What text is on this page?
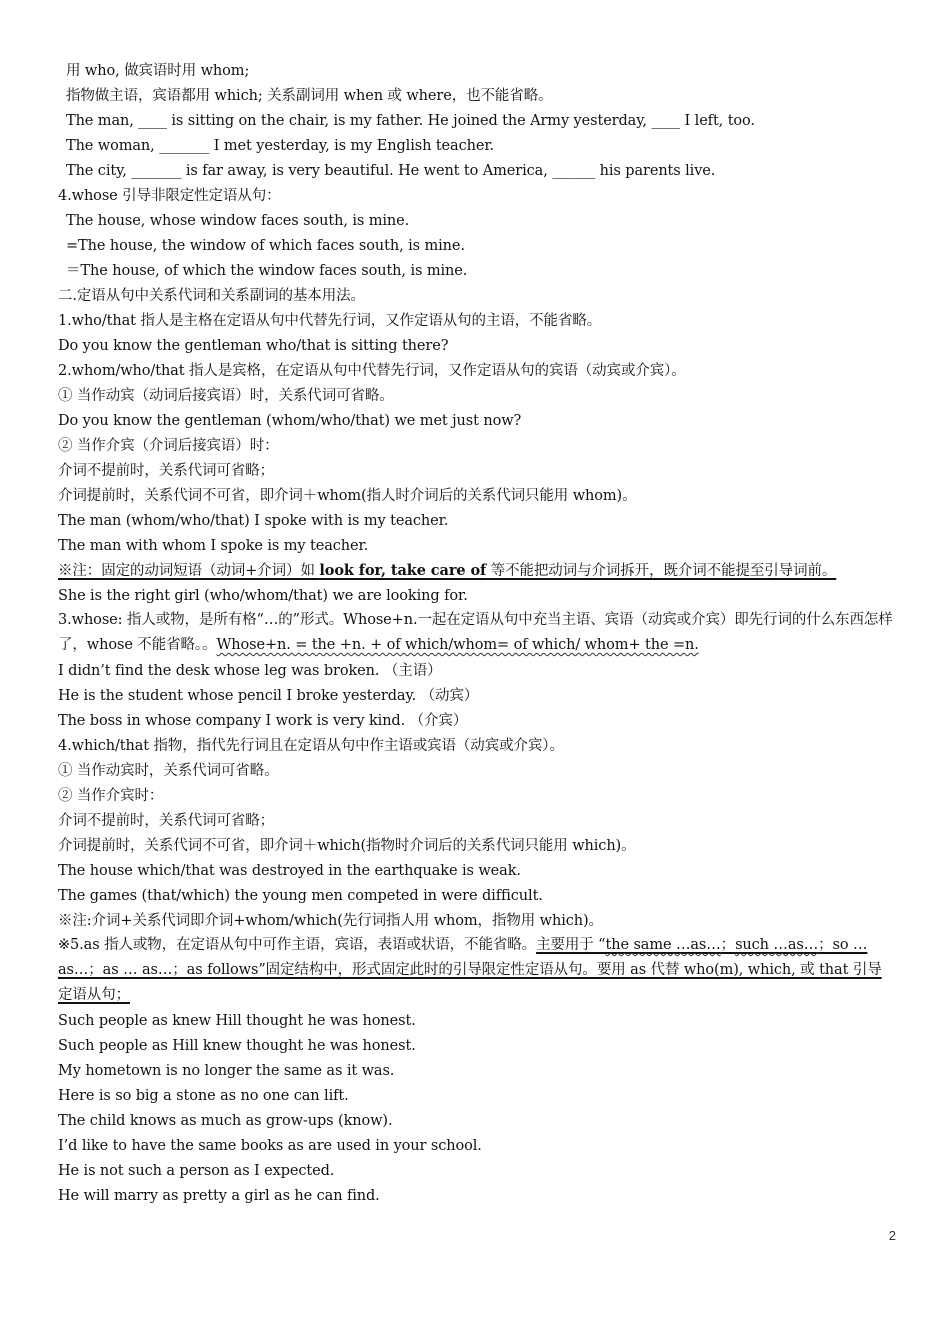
用 who, 做宾语时用 whom;
指物做主语，宾语都用 which; 关系副词用 when 或 where，也不能省略。
The man, ____ is sitting on the chair, is my father. He joined the Army yesterday, ____ I left, too.
The woman, _______ I met yesterday, is my English teacher.
The city, _______ is far away, is very beautiful. He went to America, ______ his parents live.
4.whose 引导非限定性定语从句：
The house, whose window faces south, is mine.
=The house, the window of which faces south, is mine.
＝The house, of which the window faces south, is mine.
二.定语从句中关系代词和关系副词的基本用法。
1.who/that 指人是主格在定语从句中代替先行词，又作定语从句的主语，不能省略。
Do you know the gentleman who/that is sitting there?
2.whom/who/that 指人是宾格，在定语从句中代替先行词，又作定语从句的宾语（动宾或介宾）。
① 当作动宾（动词后接宾语）时，关系代词可省略。
Do you know the gentleman (whom/who/that) we met just now?
② 当作介宾（介词后接宾语）时：
介词不提前时，关系代词可省略；
介词提前时，关系代词不可省，即介词＋whom(指人时介词后的关系代词只能用 whom)。
The man (whom/who/that) I spoke with is my teacher.
The man with whom I spoke is my teacher.
※注：固定的动词短语（动词+介词）如 look for, take care of 等不能把动词与介词拆开，既介词不能提至引导词前。
She is the right girl (who/whom/that) we are looking for.
3.whose: 指人或物，是所有格“…的”形式。Whose+n.一起在定语从句中充当主语、宾语（动宾或介宾）即先行词的什么东西怎样了，whose 不能省略。。Whose+n. = the +n. + of which/whom= of which/ whom+ the =n.
I didn’t find the desk whose leg was broken. （主语）
He is the student whose pencil I broke yesterday. （动宾）
The boss in whose company I work is very kind. （介宾）
4.which/that 指物，指代先行词且在定语从句中作主语或宾语（动宾或介宾）。
① 当作动宾时，关系代词可省略。
② 当作介宾时：
介词不提前时，关系代词可省略；
介词提前时，关系代词不可省，即介词＋which(指物时介词后的关系代词只能用 which)。
The house which/that was destroyed in the earthquake is weak.
The games (that/which) the young men competed in were difficult.
※注:介词+关系代词即介词+whom/which(先行词指人用 whom，指物用 which)。
※5.as 指人或物，在定语从句中可作主语，宾语，表语或状语，不能省略。主要用于 “the same …as…；such …as…；so …as…；as … as…；as follows”固定结构中，形式固定此时的引导限定性定语从句。要用 as 代替 who(m), which, 或 that 引导定语从句；
Such people as knew Hill thought he was honest.
Such people as Hill knew thought he was honest.
My hometown is no longer the same as it was.
Here is so big a stone as no one can lift.
The child knows as much as grow-ups (know).
I’d like to have the same books as are used in your school.
He is not such a person as I expected.
He will marry as pretty a girl as he can find.
2
